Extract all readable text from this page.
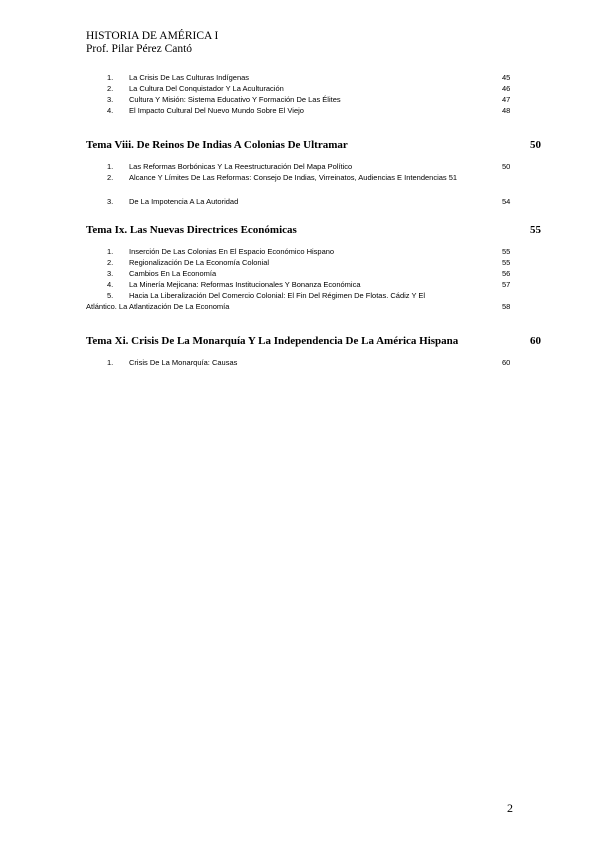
HISTORIA DE AMÉRICA I
Prof. Pilar Pérez Cantó
1. La Crisis De Las Culturas Indígenas	45
2. La Cultura Del Conquistador Y La Aculturación	46
3. Cultura Y Misión: Sistema Educativo Y Formación De Las Élites	47
4. El Impacto Cultural Del Nuevo Mundo Sobre El Viejo	48
Tema Viii. De Reinos De Indias A Colonias De Ultramar	50
1. Las Reformas Borbónicas Y La Reestructuración Del Mapa Político	50
2. Alcance Y Límites De Las Reformas: Consejo De Indias, Virreinatos, Audiencias E Intendencias 51
3. De La Impotencia A La Autoridad	54
Tema Ix. Las Nuevas Directrices Económicas	55
1. Inserción De Las Colonias En El Espacio Económico Hispano	55
2. Regionalización De La Economía Colonial	55
3. Cambios En La Economía	56
4. La Minería Mejicana: Reformas Institucionales Y Bonanza Económica	57
5. Hacia La Liberalización Del Comercio Colonial: El Fin Del Régimen De Flotas. Cádiz Y El
Atlántico. La Atlantización De La Economía	58
Tema Xi. Crisis De La Monarquía Y La Independencia De La América Hispana	60
1. Crisis De La Monarquía: Causas	60
2
